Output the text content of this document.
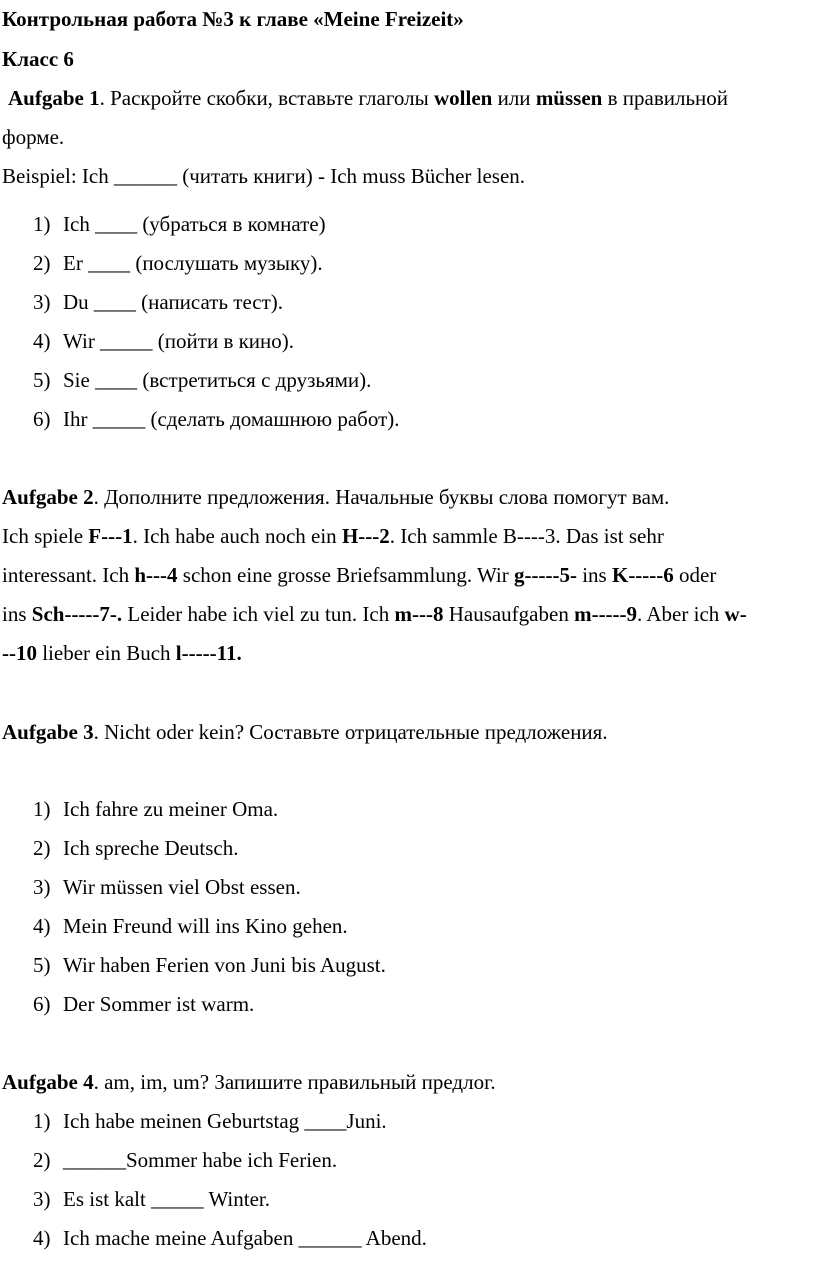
Контрольная работа №3 к главе «Meine Freizeit»
Класс 6
Aufgabe 1. Раскройте скобки, вставьте глаголы wollen или müssen в правильной
форме.
Beispiel: Ich ______ (читать книги) - Ich muss Bücher lesen.
1) Ich ____ (убраться в комнате)
2) Er ____ (послушать музыку).
3) Du ____ (написать тест).
4) Wir _____ (пойти в кино).
5) Sie ____ (встретиться с друзьями).
6) Ihr _____ (сделать домашнюю работ).
Aufgabe 2. Дополните предложения. Начальные буквы слова помогут вам.
Ich spiele F---1. Ich habe auch noch ein H---2. Ich sammle B----3. Das ist sehr
interessant. Ich h---4 schon eine grosse Briefsammlung. Wir g-----5- ins K-----6 oder
ins Sch-----7-. Leider habe ich viel zu tun. Ich m---8 Hausaufgaben m-----9. Aber ich w-
--10 lieber ein Buch l-----11.
Aufgabe 3. Nicht oder kein? Составьте отрицательные предложения.
1) Ich fahre zu meiner Oma.
2) Ich spreche Deutsch.
3) Wir müssen viel Obst essen.
4) Mein Freund will ins Kino gehen.
5) Wir haben Ferien von Juni bis August.
6) Der Sommer ist warm.
Aufgabe 4. am, im, um? Запишите правильный предлог.
1) Ich habe meinen Geburtstag ____Juni.
2) ______Sommer habe ich Ferien.
3) Es ist kalt _____ Winter.
4) Ich mache meine Aufgaben ______ Abend.
